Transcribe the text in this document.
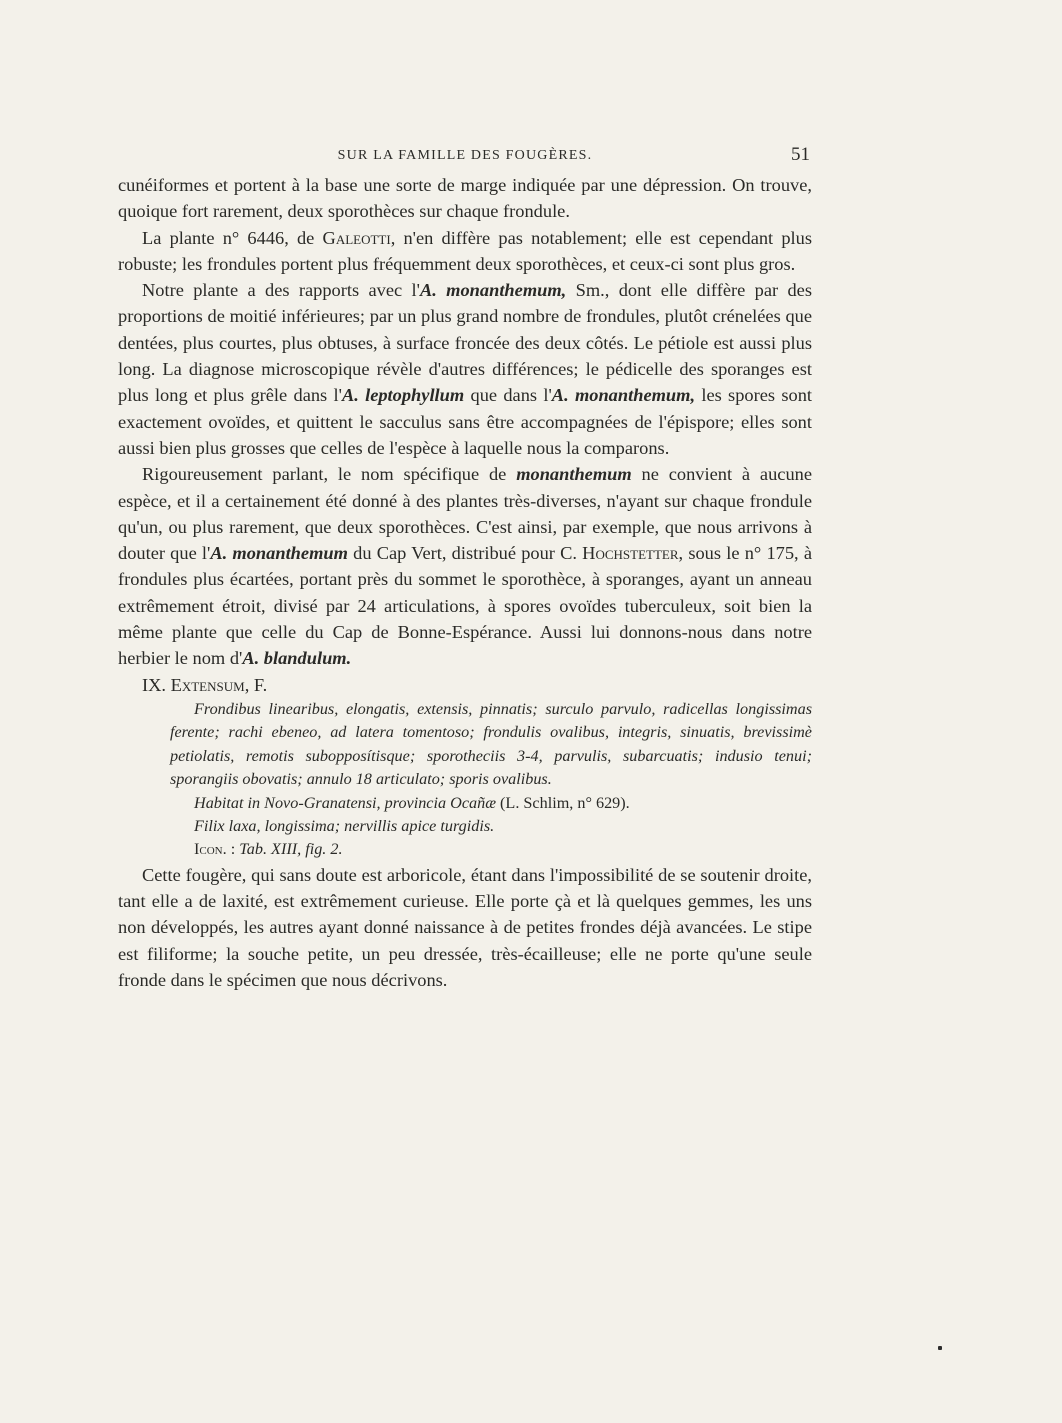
SUR LA FAMILLE DES FOUGÈRES.	51

cunéiformes et portent à la base une sorte de marge indiquée par une dépression. On trouve, quoique fort rarement, deux sporothèces sur chaque frondule.

La plante n° 6446, de Galeotti, n'en diffère pas notablement; elle est cependant plus robuste; les frondules portent plus fréquemment deux sporothèces, et ceux-ci sont plus gros.

Notre plante a des rapports avec l'A. monanthemum, Sm., dont elle diffère par des proportions de moitié inférieures; par un plus grand nombre de frondules, plutôt crénelées que dentées, plus courtes, plus obtuses, à surface froncée des deux côtés. Le pétiole est aussi plus long. La diagnose microscopique révèle d'autres différences; le pédicelle des sporanges est plus long et plus grêle dans l'A. leptophyllum que dans l'A. monanthemum, les spores sont exactement ovoïdes, et quittent le sacculus sans être accompagnées de l'épispore; elles sont aussi bien plus grosses que celles de l'espèce à laquelle nous la comparons.

Rigoureusement parlant, le nom spécifique de monanthemum ne convient à aucune espèce, et il a certainement été donné à des plantes très-diverses, n'ayant sur chaque frondule qu'un, ou plus rarement, que deux sporothèces. C'est ainsi, par exemple, que nous arrivons à douter que l'A. monanthemum du Cap Vert, distribué pour C. Hochstetter, sous le n° 175, à frondules plus écartées, portant près du sommet le sporothèce, à sporanges, ayant un anneau extrêmement étroit, divisé par 24 articulations, à spores ovoïdes tuberculeux, soit bien la même plante que celle du Cap de Bonne-Espérance. Aussi lui donnons-nous dans notre herbier le nom d'A. blandulum.

IX. Extensum, F.

Frondibus linearibus, elongatis, extensis, pinnatis; surculo parvulo, radicellas longissimas ferente; rachi ebeneo, ad latera tomentoso; frondulis ovalibus, integris, sinuatis, brevissimè petiolatis, remotis subopposítisque; sporotheciis 3-4, parvulis, subarcuatis; indusio tenui; sporangiis obovatis; annulo 18 articulato; sporis ovalibus.

Habitat in Novo-Granatensi, provincia Ocañæ (L. Schlim, n° 629).

Filix laxa, longissima; nervillis apice turgidis.

Icon. : Tab. XIII, fig. 2.

Cette fougère, qui sans doute est arboricole, étant dans l'impossibilité de se soutenir droite, tant elle a de laxité, est extrêmement curieuse. Elle porte çà et là quelques gemmes, les uns non développés, les autres ayant donné naissance à de petites frondes déjà avancées. Le stipe est filiforme; la souche petite, un peu dressée, très-écailleuse; elle ne porte qu'une seule fronde dans le spécimen que nous décrivons.
